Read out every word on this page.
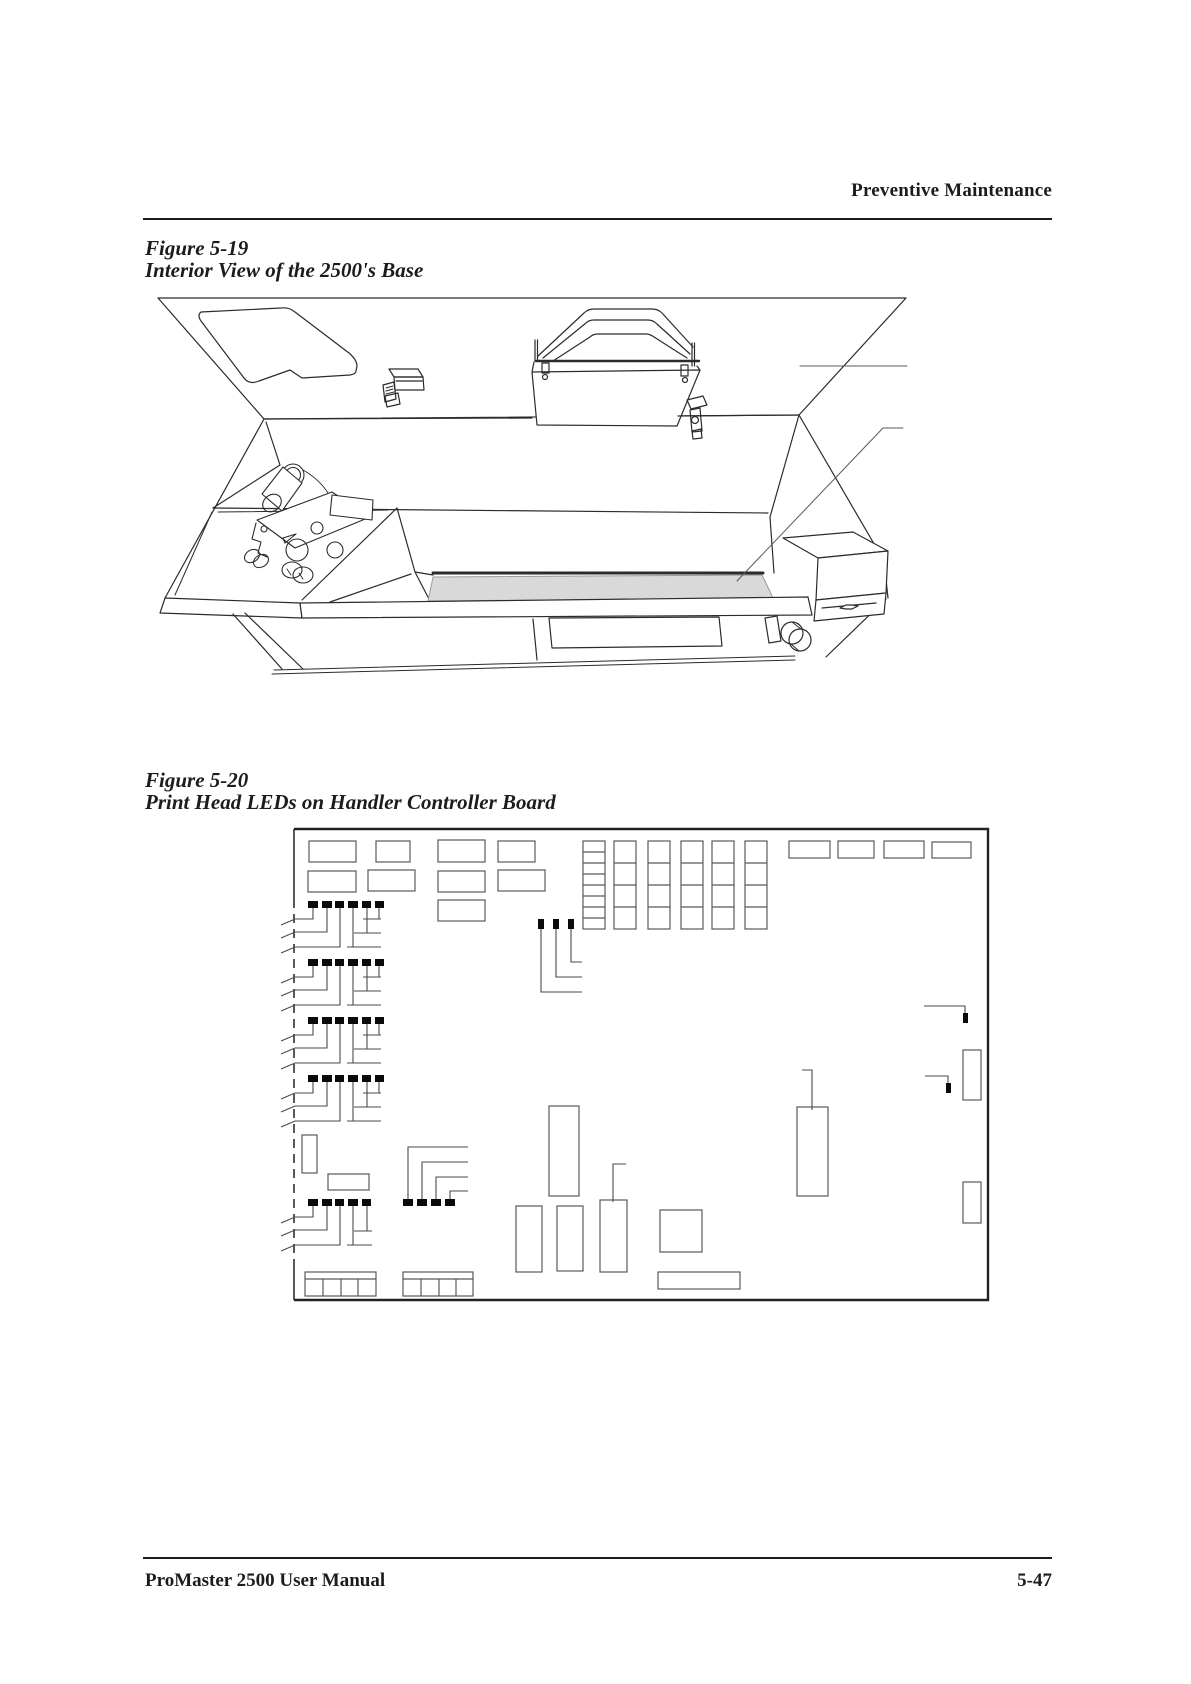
Preventive Maintenance
Figure 5-19
Interior View of the 2500's Base
Figure 5-20
Print Head LEDs on Handler Controller Board
ProMaster 2500 User Manual	5-47
